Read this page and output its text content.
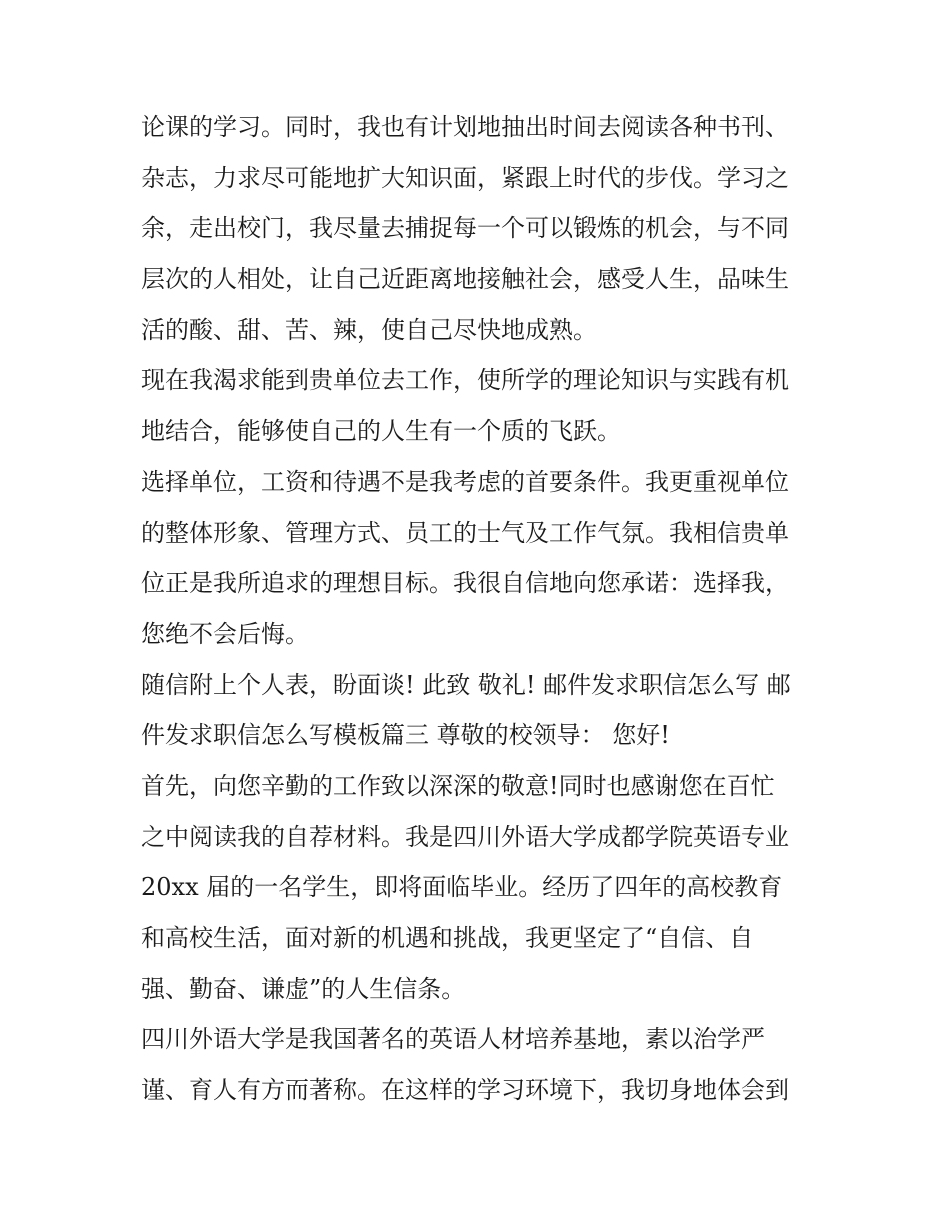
论课的学习。同时，我也有计划地抽出时间去阅读各种书刊、
杂志，力求尽可能地扩大知识面，紧跟上时代的步伐。学习之
余，走出校门，我尽量去捕捉每一个可以锻炼的机会，与不同
层次的人相处，让自己近距离地接触社会，感受人生，品味生
活的酸、甜、苦、辣，使自己尽快地成熟。
现在我渴求能到贵单位去工作，使所学的理论知识与实践有机
地结合，能够使自己的人生有一个质的飞跃。
选择单位，工资和待遇不是我考虑的首要条件。我更重视单位
的整体形象、管理方式、员工的士气及工作气氛。我相信贵单
位正是我所追求的理想目标。我很自信地向您承诺：选择我，
您绝不会后悔。
随信附上个人表，盼面谈! 此致 敬礼! 邮件发求职信怎么写 邮
件发求职信怎么写模板篇三 尊敬的校领导： 您好!
首先，向您辛勤的工作致以深深的敬意!同时也感谢您在百忙
之中阅读我的自荐材料。我是四川外语大学成都学院英语专业
20xx 届的一名学生，即将面临毕业。经历了四年的高校教育
和高校生活，面对新的机遇和挑战，我更坚定了“自信、自
强、勤奋、谦虚”的人生信条。
四川外语大学是我国著名的英语人材培养基地，素以治学严
谨、育人有方而著称。在这样的学习环境下，我切身地体会到
